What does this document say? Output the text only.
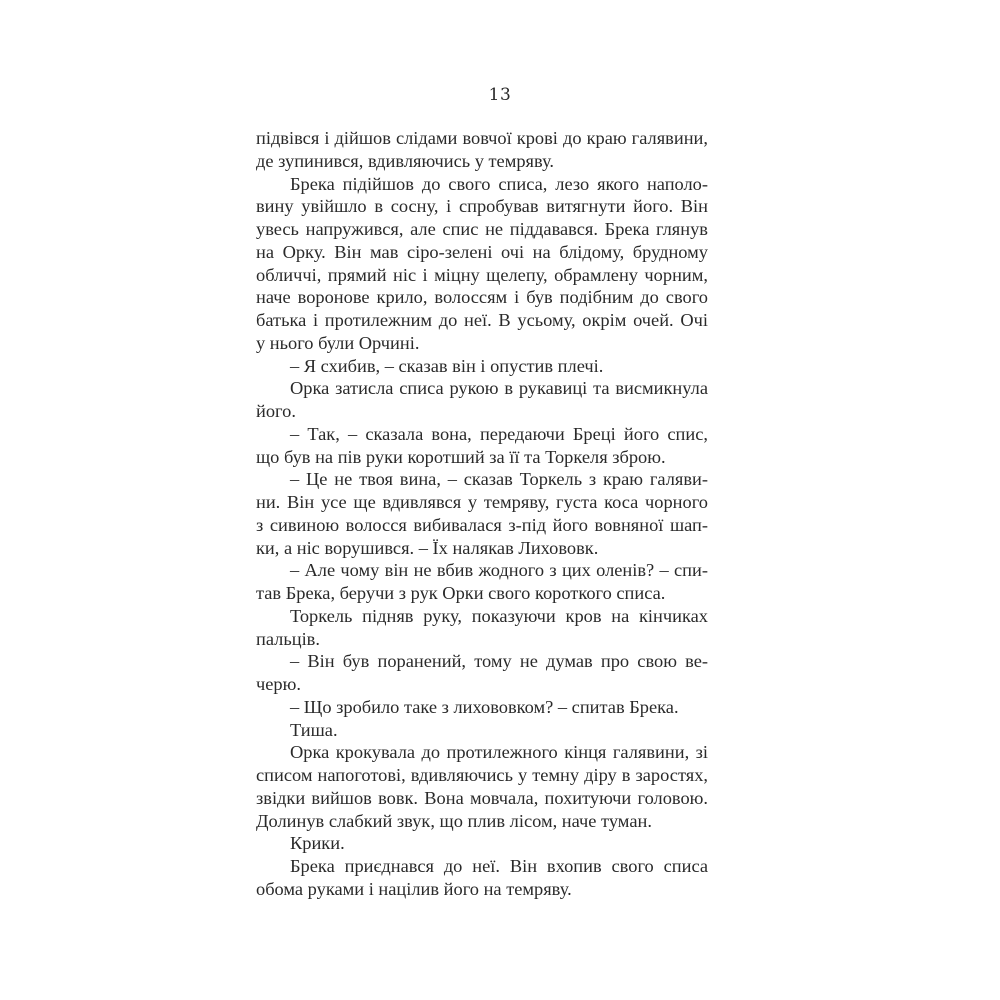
13
підвівся і дійшов слідами вовчої крові до краю галявини,
де зупинився, вдивляючись у темряву.
Брека підійшов до свого списа, лезо якого наполо-
вину увійшло в сосну, і спробував витягнути його. Він
увесь напружився, але спис не піддавався. Брека глянув
на Орку. Він мав сіро-зелені очі на блідому, брудному
обличчі, прямий ніс і міцну щелепу, обрамлену чорним,
наче воронове крило, волоссям і був подібним до свого
батька і протилежним до неї. В усьому, окрім очей. Очі
у нього були Орчині.
– Я схибив, – сказав він і опустив плечі.
Орка затисла списа рукою в рукавиці та висмикнула
його.
– Так, – сказала вона, передаючи Бреці його спис,
що був на пів руки коротший за її та Торкеля зброю.
– Це не твоя вина, – сказав Торкель з краю галяви-
ни. Він усе ще вдивлявся у темряву, густа коса чорного
з сивиною волосся вибивалася з-під його вовняної шап-
ки, а ніс ворушився. – Їх налякав Лихововк.
– Але чому він не вбив жодного з цих оленів? – спи-
тав Брека, беручи з рук Орки свого короткого списа.
Торкель підняв руку, показуючи кров на кінчиках
пальців.
– Він був поранений, тому не думав про свою ве-
черю.
– Що зробило таке з лихововком? – спитав Брека.
Тиша.
Орка крокувала до протилежного кінця галявини, зі
списом напоготові, вдивляючись у темну діру в заростях,
звідки вийшов вовк. Вона мовчала, похитуючи головою.
Долинув слабкий звук, що плив лісом, наче туман.
Крики.
Брека приєднався до неї. Він вхопив свого списа
обома руками і націлив його на темряву.
